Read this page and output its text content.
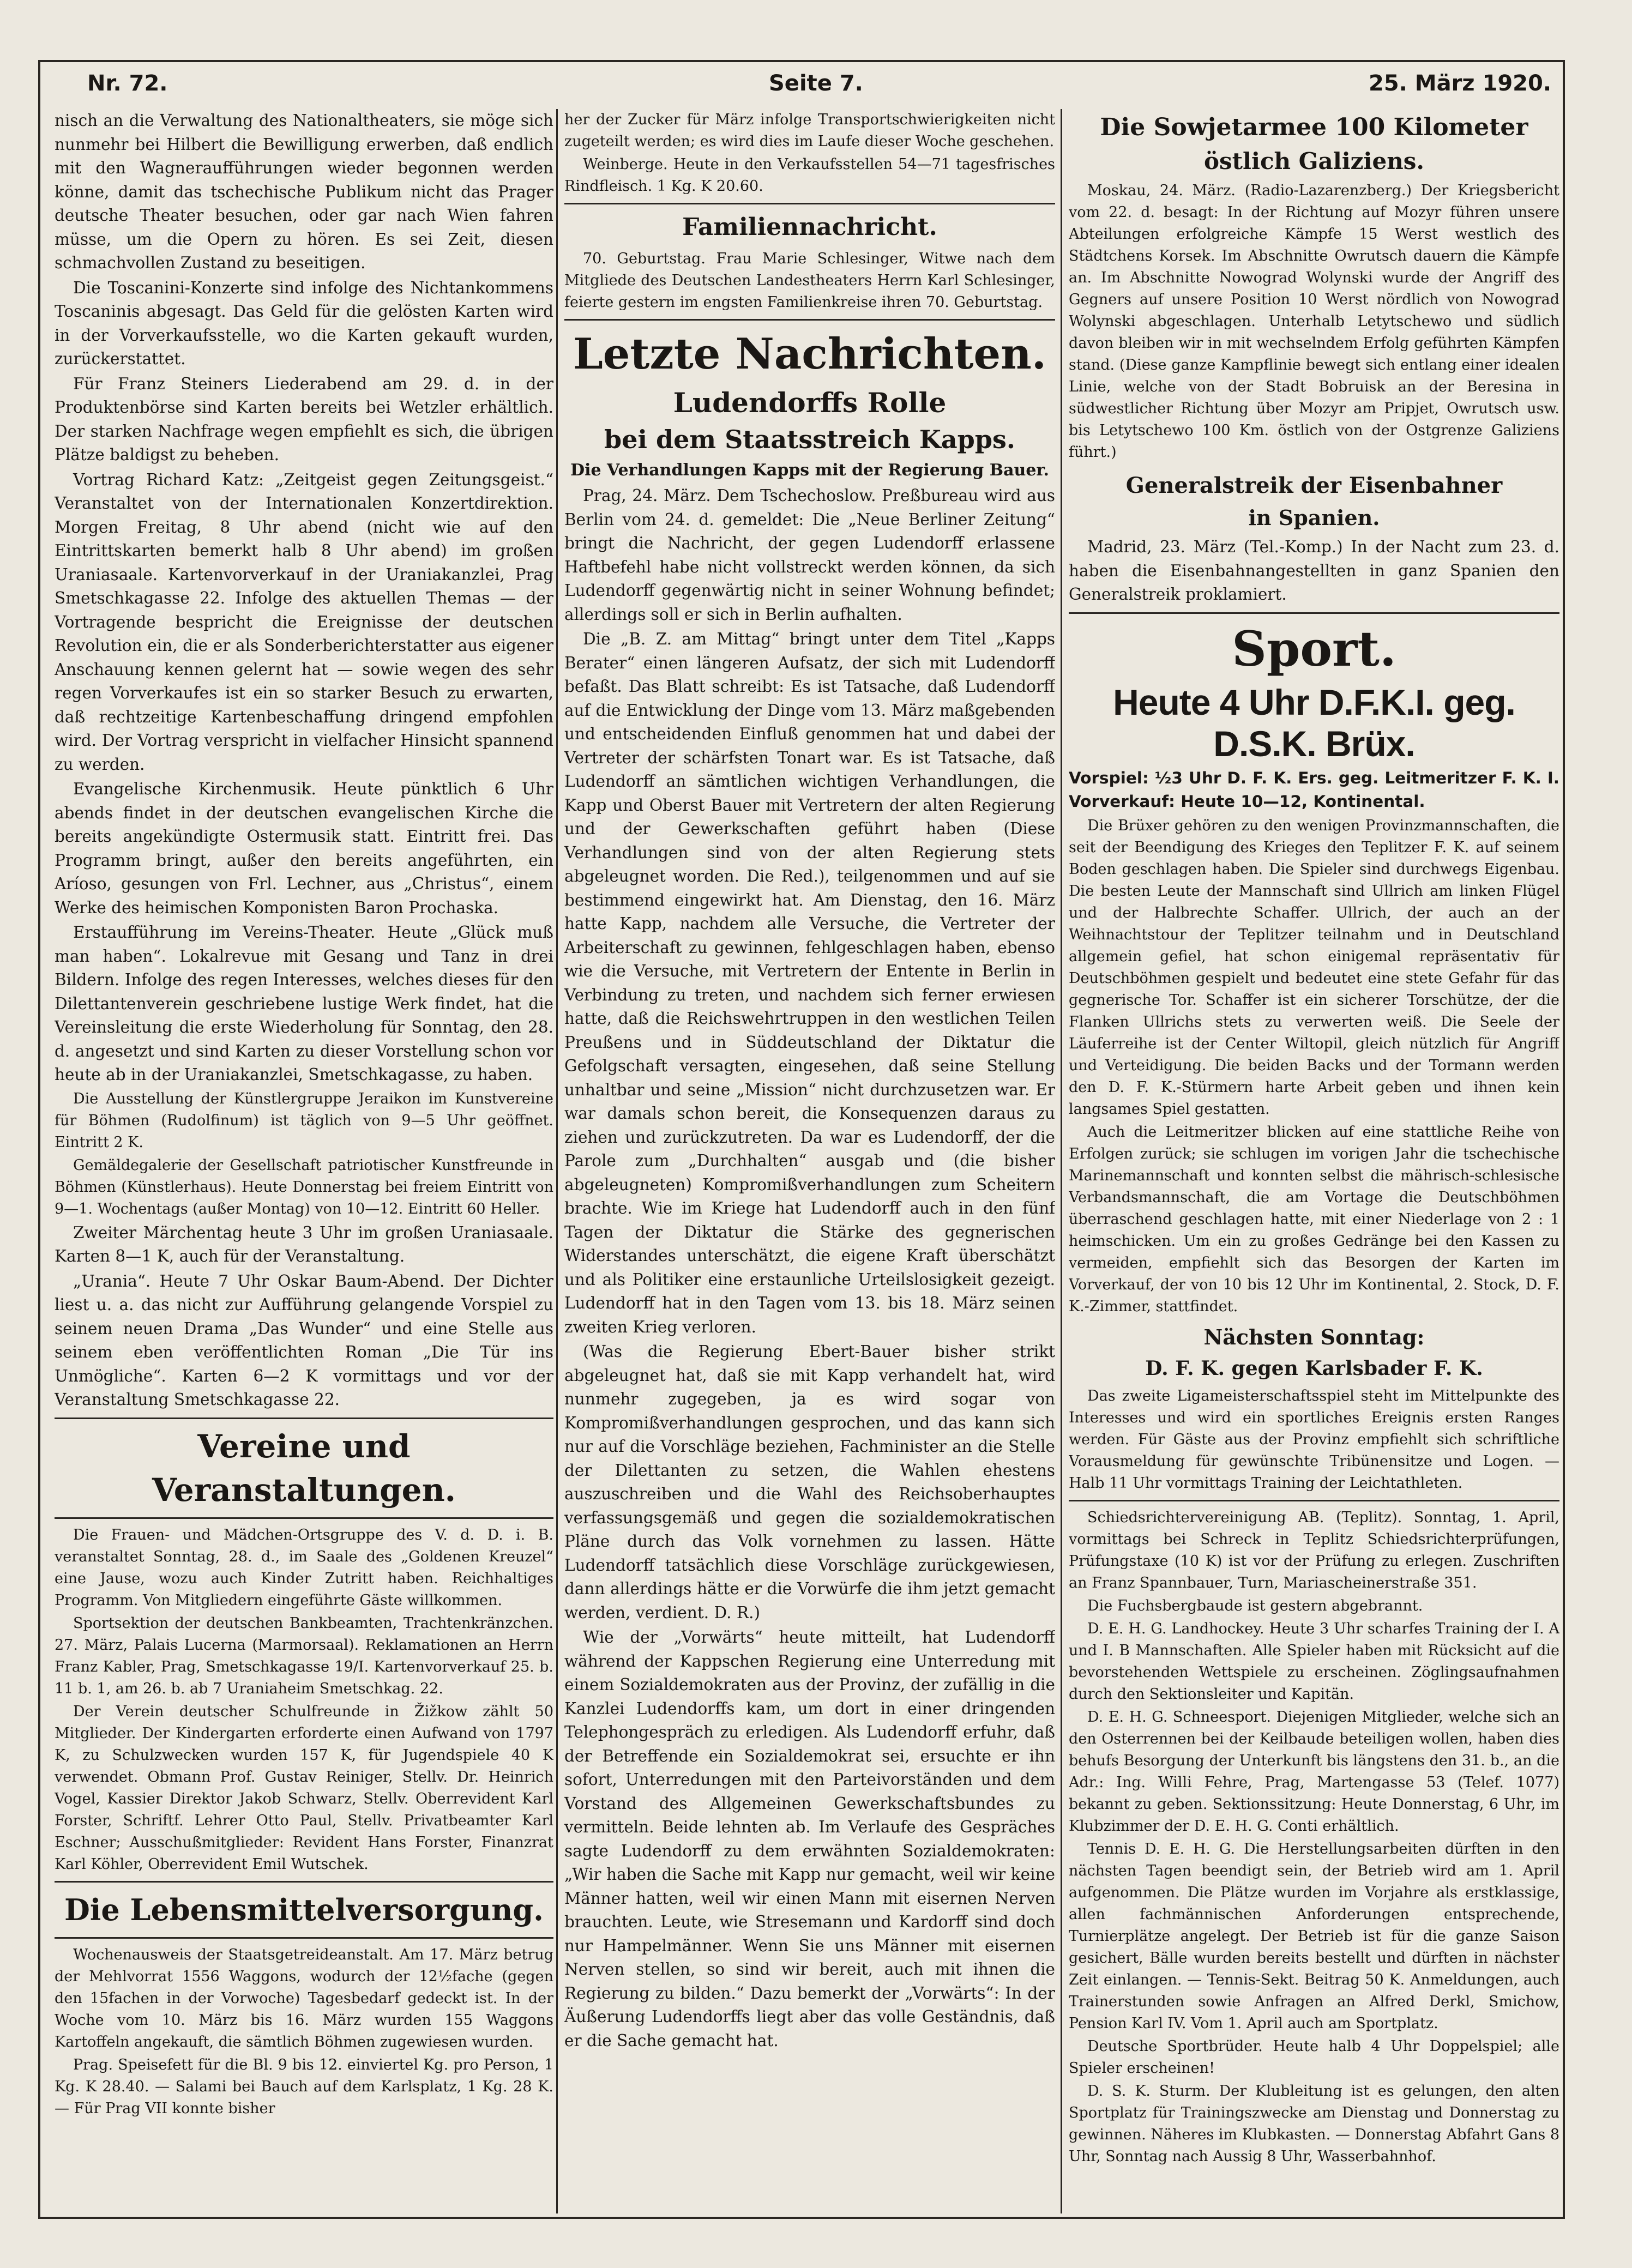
Nr. 72.	Seite 7.	25. März 1920.

nisch an die Verwaltung des Nationaltheaters, sie möge sich nunmehr bei Hilbert die Bewilligung erwerben, daß endlich mit den Wagneraufführungen wieder begonnen werden könne, damit das tschechische Publikum nicht das Prager deutsche Theater besuchen, oder gar nach Wien fahren müsse, um die Opern zu hören. Es sei Zeit, diesen schmachvollen Zustand zu beseitigen.

Die Toscanini-Konzerte sind infolge des Nichtankommens Toscaninis abgesagt. Das Geld für die gelösten Karten wird in der Vorverkaufsstelle, wo die Karten gekauft wurden, zurückerstattet.

Für Franz Steiners Liederabend am 29. d. in der Produktenbörse sind Karten bereits bei Wetzler erhältlich. Der starken Nachfrage wegen empfiehlt es sich, die übrigen Plätze baldigst zu beheben.

Vortrag Richard Katz: „Zeitgeist gegen Zeitungsgeist.“ Veranstaltet von der Internationalen Konzertdirektion. Morgen Freitag, 8 Uhr abend (nicht wie auf den Eintrittskarten bemerkt halb 8 Uhr abend) im großen Uraniasaale. Kartenvorverkauf in der Uraniakanzlei, Prag Smetschkagasse 22. Infolge des aktuellen Themas — der Vortragende bespricht die Ereignisse der deutschen Revolution ein, die er als Sonderberichterstatter aus eigener Anschauung kennen gelernt hat — sowie wegen des sehr regen Vorverkaufes ist ein so starker Besuch zu erwarten, daß rechtzeitige Kartenbeschaffung dringend empfohlen wird. Der Vortrag verspricht in vielfacher Hinsicht spannend zu werden.

Evangelische Kirchenmusik. Heute pünktlich 6 Uhr abends findet in der deutschen evangelischen Kirche die bereits angekündigte Ostermusik statt. Eintritt frei. Das Programm bringt, außer den bereits angeführten, ein Aríoso, gesungen von Frl. Lechner, aus „Christus“, einem Werke des heimischen Komponisten Baron Prochaska.

Erstaufführung im Vereins-Theater. Heute „Glück muß man haben“. Lokalrevue mit Gesang und Tanz in drei Bildern. Infolge des regen Interesses, welches dieses für den Dilettantenverein geschriebene lustige Werk findet, hat die Vereinsleitung die erste Wiederholung für Sonntag, den 28. d. angesetzt und sind Karten zu dieser Vorstellung schon vor heute ab in der Uraniakanzlei, Smetschkagasse, zu haben.

Die Ausstellung der Künstlergruppe Jeraikon im Kunstvereine für Böhmen (Rudolfinum) ist täglich von 9—5 Uhr geöffnet. Eintritt 2 K.

Gemäldegalerie der Gesellschaft patriotischer Kunstfreunde in Böhmen (Künstlerhaus). Heute Donnerstag bei freiem Eintritt von 9—1. Wochentags (außer Montag) von 10—12. Eintritt 60 Heller.

Zweiter Märchentag heute 3 Uhr im großen Uraniasaale. Karten 8—1 K, auch für der Veranstaltung.

„Urania“. Heute 7 Uhr Oskar Baum-Abend. Der Dichter liest u. a. das nicht zur Aufführung gelangende Vorspiel zu seinem neuen Drama „Das Wunder“ und eine Stelle aus seinem eben veröffentlichten Roman „Die Tür ins Unmögliche“. Karten 6—2 K vormittags und vor der Veranstaltung Smetschkagasse 22.

Vereine und Veranstaltungen.

Die Frauen- und Mädchen-Ortsgruppe des V. d. D. i. B. veranstaltet Sonntag, 28. d., im Saale des „Goldenen Kreuzel“ eine Jause, wozu auch Kinder Zutritt haben. Reichhaltiges Programm. Von Mitgliedern eingeführte Gäste willkommen.

Sportsektion der deutschen Bankbeamten, Trachtenkränzchen. 27. März, Palais Lucerna (Marmorsaal). Reklamationen an Herrn Franz Kabler, Prag, Smetschkagasse 19/I. Kartenvorverkauf 25. b. 11 b. 1, am 26. b. ab 7 Uraniaheim Smetschkag. 22.

Der Verein deutscher Schulfreunde in Žižkow zählt 50 Mitglieder. Der Kindergarten erforderte einen Aufwand von 1797 K, zu Schulzwecken wurden 157 K, für Jugendspiele 40 K verwendet. Obmann Prof. Gustav Reiniger, Stellv. Dr. Heinrich Vogel, Kassier Direktor Jakob Schwarz, Stellv. Oberrevident Karl Forster, Schriftf. Lehrer Otto Paul, Stellv. Privatbeamter Karl Eschner; Ausschußmitglieder: Revident Hans Forster, Finanzrat Karl Köhler, Oberrevident Emil Wutschek.

Die Lebensmittelversorgung.

Wochenausweis der Staatsgetreideanstalt. Am 17. März betrug der Mehlvorrat 1556 Waggons, wodurch der 12½fache (gegen den 15fachen in der Vorwoche) Tagesbedarf gedeckt ist. In der Woche vom 10. März bis 16. März wurden 155 Waggons Kartoffeln angekauft, die sämtlich Böhmen zugewiesen wurden.

Prag. Speisefett für die Bl. 9 bis 12. einviertel Kg. pro Person, 1 Kg. K 28.40. — Salami bei Bauch auf dem Karlsplatz, 1 Kg. 28 K. — Für Prag VII konnte bisher

her der Zucker für März infolge Transportschwierigkeiten nicht zugeteilt werden; es wird dies im Laufe dieser Woche geschehen.

Weinberge. Heute in den Verkaufsstellen 54—71 tagesfrisches Rindfleisch. 1 Kg. K 20.60.

Familiennachricht.

70. Geburtstag. Frau Marie Schlesinger, Witwe nach dem Mitgliede des Deutschen Landestheaters Herrn Karl Schlesinger, feierte gestern im engsten Familienkreise ihren 70. Geburtstag.

Letzte Nachrichten.
Ludendorffs Rolle
bei dem Staatsstreich Kapps.
Die Verhandlungen Kapps mit der Regierung Bauer.

Prag, 24. März. Dem Tschechoslow. Preßbureau wird aus Berlin vom 24. d. gemeldet: Die „Neue Berliner Zeitung“ bringt die Nachricht, der gegen Ludendorff erlassene Haftbefehl habe nicht vollstreckt werden können, da sich Ludendorff gegenwärtig nicht in seiner Wohnung befindet; allerdings soll er sich in Berlin aufhalten.

Die „B. Z. am Mittag“ bringt unter dem Titel „Kapps Berater“ einen längeren Aufsatz, der sich mit Ludendorff befaßt. Das Blatt schreibt: Es ist Tatsache, daß Ludendorff auf die Entwicklung der Dinge vom 13. März maßgebenden und entscheidenden Einfluß genommen hat und dabei der Vertreter der schärfsten Tonart war. Es ist Tatsache, daß Ludendorff an sämtlichen wichtigen Verhandlungen, die Kapp und Oberst Bauer mit Vertretern der alten Regierung und der Gewerkschaften geführt haben (Diese Verhandlungen sind von der alten Regierung stets abgeleugnet worden. Die Red.), teilgenommen und auf sie bestimmend eingewirkt hat. Am Dienstag, den 16. März hatte Kapp, nachdem alle Versuche, die Vertreter der Arbeiterschaft zu gewinnen, fehlgeschlagen haben, ebenso wie die Versuche, mit Vertretern der Entente in Berlin in Verbindung zu treten, und nachdem sich ferner erwiesen hatte, daß die Reichswehrtruppen in den westlichen Teilen Preußens und in Süddeutschland der Diktatur die Gefolgschaft versagten, eingesehen, daß seine Stellung unhaltbar und seine „Mission“ nicht durchzusetzen war. Er war damals schon bereit, die Konsequenzen daraus zu ziehen und zurückzutreten. Da war es Ludendorff, der die Parole zum „Durchhalten“ ausgab und (die bisher abgeleugneten) Kompromißverhandlungen zum Scheitern brachte. Wie im Kriege hat Ludendorff auch in den fünf Tagen der Diktatur die Stärke des gegnerischen Widerstandes unterschätzt, die eigene Kraft überschätzt und als Politiker eine erstaunliche Urteilslosigkeit gezeigt. Ludendorff hat in den Tagen vom 13. bis 18. März seinen zweiten Krieg verloren.

(Was die Regierung Ebert-Bauer bisher strikt abgeleugnet hat, daß sie mit Kapp verhandelt hat, wird nunmehr zugegeben, ja es wird sogar von Kompromißverhandlungen gesprochen, und das kann sich nur auf die Vorschläge beziehen, Fachminister an die Stelle der Dilettanten zu setzen, die Wahlen ehestens auszuschreiben und die Wahl des Reichsoberhauptes verfassungsgemäß und gegen die sozialdemokratischen Pläne durch das Volk vornehmen zu lassen. Hätte Ludendorff tatsächlich diese Vorschläge zurückgewiesen, dann allerdings hätte er die Vorwürfe die ihm jetzt gemacht werden, verdient. D. R.)

Wie der „Vorwärts“ heute mitteilt, hat Ludendorff während der Kappschen Regierung eine Unterredung mit einem Sozialdemokraten aus der Provinz, der zufällig in die Kanzlei Ludendorffs kam, um dort in einer dringenden Telephongespräch zu erledigen. Als Ludendorff erfuhr, daß der Betreffende ein Sozialdemokrat sei, ersuchte er ihn sofort, Unterredungen mit den Parteivorständen und dem Vorstand des Allgemeinen Gewerkschaftsbundes zu vermitteln. Beide lehnten ab. Im Verlaufe des Gespräches sagte Ludendorff zu dem erwähnten Sozialdemokraten: „Wir haben die Sache mit Kapp nur gemacht, weil wir keine Männer hatten, weil wir einen Mann mit eisernen Nerven brauchten. Leute, wie Stresemann und Kardorff sind doch nur Hampelmänner. Wenn Sie uns Männer mit eisernen Nerven stellen, so sind wir bereit, auch mit ihnen die Regierung zu bilden.“ Dazu bemerkt der „Vorwärts“: In der Äußerung Ludendorffs liegt aber das volle Geständnis, daß er die Sache gemacht hat.

Die Sowjetarmee 100 Kilometer
östlich Galiziens.

Moskau, 24. März. (Radio-Lazarenzberg.) Der Kriegsbericht vom 22. d. besagt: In der Richtung auf Mozyr führen unsere Abteilungen erfolgreiche Kämpfe 15 Werst westlich des Städtchens Korsek. Im Abschnitte Owrutsch dauern die Kämpfe an. Im Abschnitte Nowograd Wolynski wurde der Angriff des Gegners auf unsere Position 10 Werst nördlich von Nowograd Wolynski abgeschlagen. Unterhalb Letytschewo und südlich davon bleiben wir in mit wechselndem Erfolg geführten Kämpfen stand. (Diese ganze Kampflinie bewegt sich entlang einer idealen Linie, welche von der Stadt Bobruisk an der Beresina in südwestlicher Richtung über Mozyr am Pripjet, Owrutsch usw. bis Letytschewo 100 Km. östlich von der Ostgrenze Galiziens führt.)

Generalstreik der Eisenbahner
in Spanien.

Madrid, 23. März (Tel.-Komp.) In der Nacht zum 23. d. haben die Eisenbahnangestellten in ganz Spanien den Generalstreik proklamiert.

Sport.
Heute 4 Uhr D.F.K.I. geg. D.S.K. Brüx.

Vorspiel: ½3 Uhr D. F. K. Ers. geg. Leitmeritzer F. K. I. Vorverkauf: Heute 10—12, Kontinental.

Die Brüxer gehören zu den wenigen Provinzmannschaften, die seit der Beendigung des Krieges den Teplitzer F. K. auf seinem Boden geschlagen haben. Die Spieler sind durchwegs Eigenbau. Die besten Leute der Mannschaft sind Ullrich am linken Flügel und der Halbrechte Schaffer. Ullrich, der auch an der Weihnachtstour der Teplitzer teilnahm und in Deutschland allgemein gefiel, hat schon einigemal repräsentativ für Deutschböhmen gespielt und bedeutet eine stete Gefahr für das gegnerische Tor. Schaffer ist ein sicherer Torschütze, der die Flanken Ullrichs stets zu verwerten weiß. Die Seele der Läuferreihe ist der Center Wiltopil, gleich nützlich für Angriff und Verteidigung. Die beiden Backs und der Tormann werden den D. F. K.-Stürmern harte Arbeit geben und ihnen kein langsames Spiel gestatten.

Auch die Leitmeritzer blicken auf eine stattliche Reihe von Erfolgen zurück; sie schlugen im vorigen Jahr die tschechische Marinemannschaft und konnten selbst die mährisch-schlesische Verbandsmannschaft, die am Vortage die Deutschböhmen überraschend geschlagen hatte, mit einer Niederlage von 2 : 1 heimschicken. Um ein zu großes Gedränge bei den Kassen zu vermeiden, empfiehlt sich das Besorgen der Karten im Vorverkauf, der von 10 bis 12 Uhr im Kontinental, 2. Stock, D. F. K.-Zimmer, stattfindet.

Nächsten Sonntag:
D. F. K. gegen Karlsbader F. K.

Das zweite Ligameisterschaftsspiel steht im Mittelpunkte des Interesses und wird ein sportliches Ereignis ersten Ranges werden. Für Gäste aus der Provinz empfiehlt sich schriftliche Vorausmeldung für gewünschte Tribünensitze und Logen. — Halb 11 Uhr vormittags Training der Leichtathleten.

Schiedsrichtervereinigung AB. (Teplitz). Sonntag, 1. April, vormittags bei Schreck in Teplitz Schiedsrichterprüfungen, Prüfungstaxe (10 K) ist vor der Prüfung zu erlegen. Zuschriften an Franz Spannbauer, Turn, Mariascheinerstraße 351.

Die Fuchsbergbaude ist gestern abgebrannt.

D. E. H. G. Landhockey. Heute 3 Uhr scharfes Training der I. A und I. B Mannschaften. Alle Spieler haben mit Rücksicht auf die bevorstehenden Wettspiele zu erscheinen. Zöglingsaufnahmen durch den Sektionsleiter und Kapitän.

D. E. H. G. Schneesport. Diejenigen Mitglieder, welche sich an den Osterrennen bei der Keilbaude beteiligen wollen, haben dies behufs Besorgung der Unterkunft bis längstens den 31. b., an die Adr.: Ing. Willi Fehre, Prag, Martengasse 53 (Telef. 1077) bekannt zu geben. Sektionssitzung: Heute Donnerstag, 6 Uhr, im Klubzimmer der D. E. H. G. Conti erhältlich.

Tennis D. E. H. G. Die Herstellungsarbeiten dürften in den nächsten Tagen beendigt sein, der Betrieb wird am 1. April aufgenommen. Die Plätze wurden im Vorjahre als erstklassige, allen fachmännischen Anforderungen entsprechende, Turnierplätze angelegt. Der Betrieb ist für die ganze Saison gesichert, Bälle wurden bereits bestellt und dürften in nächster Zeit einlangen. — Tennis-Sekt. Beitrag 50 K. Anmeldungen, auch Trainerstunden sowie Anfragen an Alfred Derkl, Smichow, Pension Karl IV. Vom 1. April auch am Sportplatz.

Deutsche Sportbrüder. Heute halb 4 Uhr Doppelspiel; alle Spieler erscheinen!

D. S. K. Sturm. Der Klubleitung ist es gelungen, den alten Sportplatz für Trainingszwecke am Dienstag und Donnerstag zu gewinnen. Näheres im Klubkasten. — Donnerstag Abfahrt Gans 8 Uhr, Sonntag nach Aussig 8 Uhr, Wasserbahnhof.
